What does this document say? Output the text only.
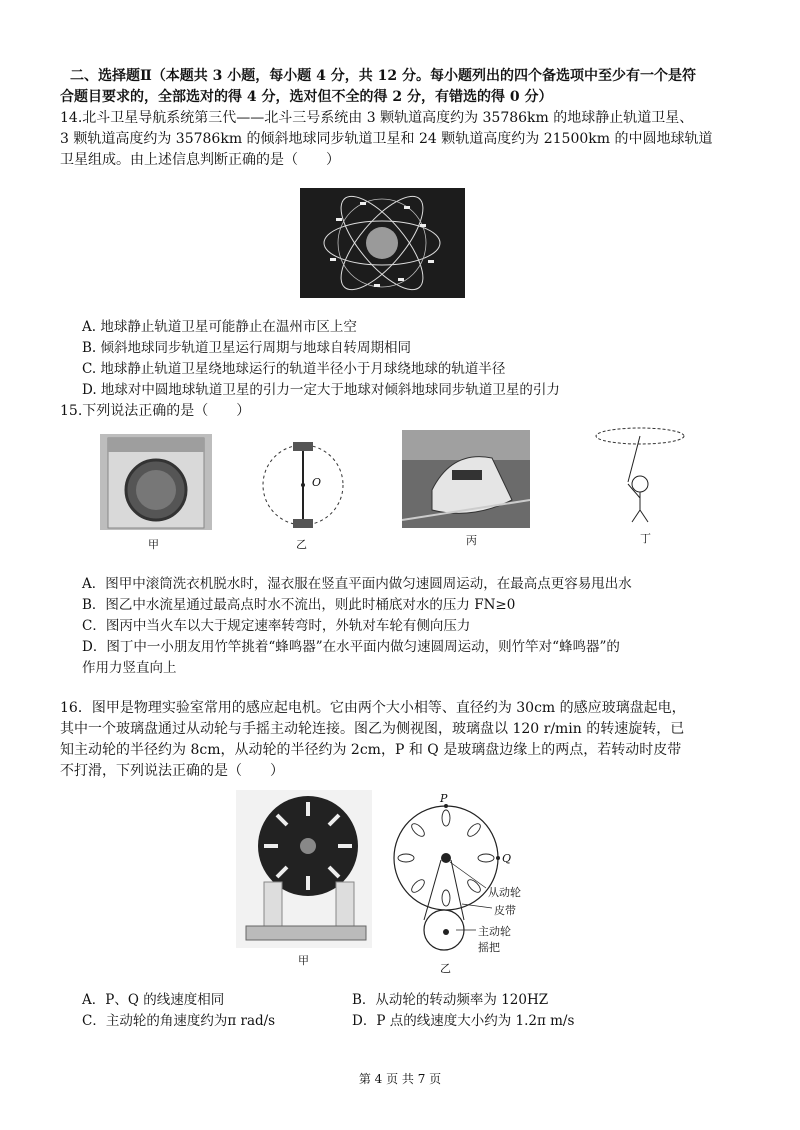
二、选择题Ⅱ（本题共 3 小题，每小题 4 分，共 12 分。每小题列出的四个备选项中至少有一个是符
合题目要求的，全部选对的得 4 分，选对但不全的得 2 分，有错选的得 0 分）
14.北斗卫星导航系统第三代——北斗三号系统由 3 颗轨道高度约为 35786km 的地球静止轨道卫星、
3 颗轨道高度约为 35786km 的倾斜地球同步轨道卫星和 24 颗轨道高度约为 21500km 的中圆地球轨道
卫星组成。由上述信息判断正确的是（　　）
A. 地球静止轨道卫星可能静止在温州市区上空
B. 倾斜地球同步轨道卫星运行周期与地球自转周期相同
C. 地球静止轨道卫星绕地球运行的轨道半径小于月球绕地球的轨道半径
D. 地球对中圆地球轨道卫星的引力一定大于地球对倾斜地球同步轨道卫星的引力
15.下列说法正确的是（　　）
甲
O
乙	丙	丁
A．图甲中滚筒洗衣机脱水时，湿衣服在竖直平面内做匀速圆周运动，在最高点更容易甩出水
B．图乙中水流星通过最高点时水不流出，则此时桶底对水的压力 FN≥0
C．图丙中当火车以大于规定速率转弯时，外轨对车轮有侧向压力
D．图丁中一小朋友用竹竿挑着“蜂鸣器”在水平面内做匀速圆周运动，则竹竿对“蜂鸣器”的
作用力竖直向上
16．图甲是物理实验室常用的感应起电机。它由两个大小相等、直径约为 30cm 的感应玻璃盘起电，
其中一个玻璃盘通过从动轮与手摇主动轮连接。图乙为侧视图，玻璃盘以 120 r/min 的转速旋转，已
知主动轮的半径约为 8cm，从动轮的半径约为 2cm，P 和 Q 是玻璃盘边缘上的两点，若转动时皮带
不打滑，下列说法正确的是（　　）
甲
P
Q
从动轮
皮带
主动轮
摇把
乙
A．P、Q 的线速度相同	B．从动轮的转动频率为 120HZ
C．主动轮的角速度约为π rad/s	D．P 点的线速度大小约为 1.2π m/s
第 4 页 共 7 页
